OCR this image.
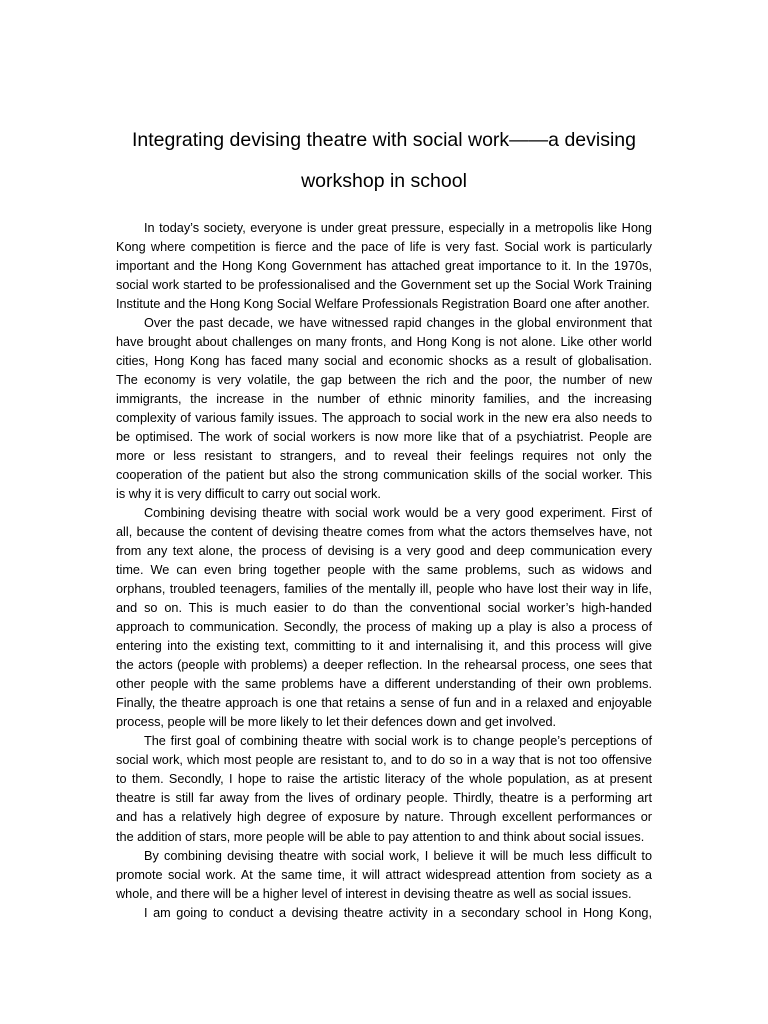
Integrating devising theatre with social work——a devising workshop in school
In today’s society, everyone is under great pressure, especially in a metropolis like Hong
Kong where competition is fierce and the pace of life is very fast. Social work is particularly
important and the Hong Kong Government has attached great importance to it. In the 1970s,
social work started to be professionalised and the Government set up the Social Work Training
Institute and the Hong Kong Social Welfare Professionals Registration Board one after another.
Over the past decade, we have witnessed rapid changes in the global environment that
have brought about challenges on many fronts, and Hong Kong is not alone. Like other world
cities, Hong Kong has faced many social and economic shocks as a result of globalisation.
The economy is very volatile, the gap between the rich and the poor, the number of new
immigrants, the increase in the number of ethnic minority families, and the increasing
complexity of various family issues. The approach to social work in the new era also needs to
be optimised. The work of social workers is now more like that of a psychiatrist. People are
more or less resistant to strangers, and to reveal their feelings requires not only the
cooperation of the patient but also the strong communication skills of the social worker. This
is why it is very difficult to carry out social work.
Combining devising theatre with social work would be a very good experiment. First of
all, because the content of devising theatre comes from what the actors themselves have, not
from any text alone, the process of devising is a very good and deep communication every
time. We can even bring together people with the same problems, such as widows and
orphans, troubled teenagers, families of the mentally ill, people who have lost their way in life,
and so on. This is much easier to do than the conventional social worker’s high-handed
approach to communication. Secondly, the process of making up a play is also a process of
entering into the existing text, committing to it and internalising it, and this process will give
the actors (people with problems) a deeper reflection. In the rehearsal process, one sees that
other people with the same problems have a different understanding of their own problems.
Finally, the theatre approach is one that retains a sense of fun and in a relaxed and enjoyable
process, people will be more likely to let their defences down and get involved.
The first goal of combining theatre with social work is to change people’s perceptions of
social work, which most people are resistant to, and to do so in a way that is not too offensive
to them. Secondly, I hope to raise the artistic literacy of the whole population, as at present
theatre is still far away from the lives of ordinary people. Thirdly, theatre is a performing art
and has a relatively high degree of exposure by nature. Through excellent performances or
the addition of stars, more people will be able to pay attention to and think about social issues.
By combining devising theatre with social work, I believe it will be much less difficult to
promote social work. At the same time, it will attract widespread attention from society as a
whole, and there will be a higher level of interest in devising theatre as well as social issues.
I am going to conduct a devising theatre activity in a secondary school in Hong Kong,
